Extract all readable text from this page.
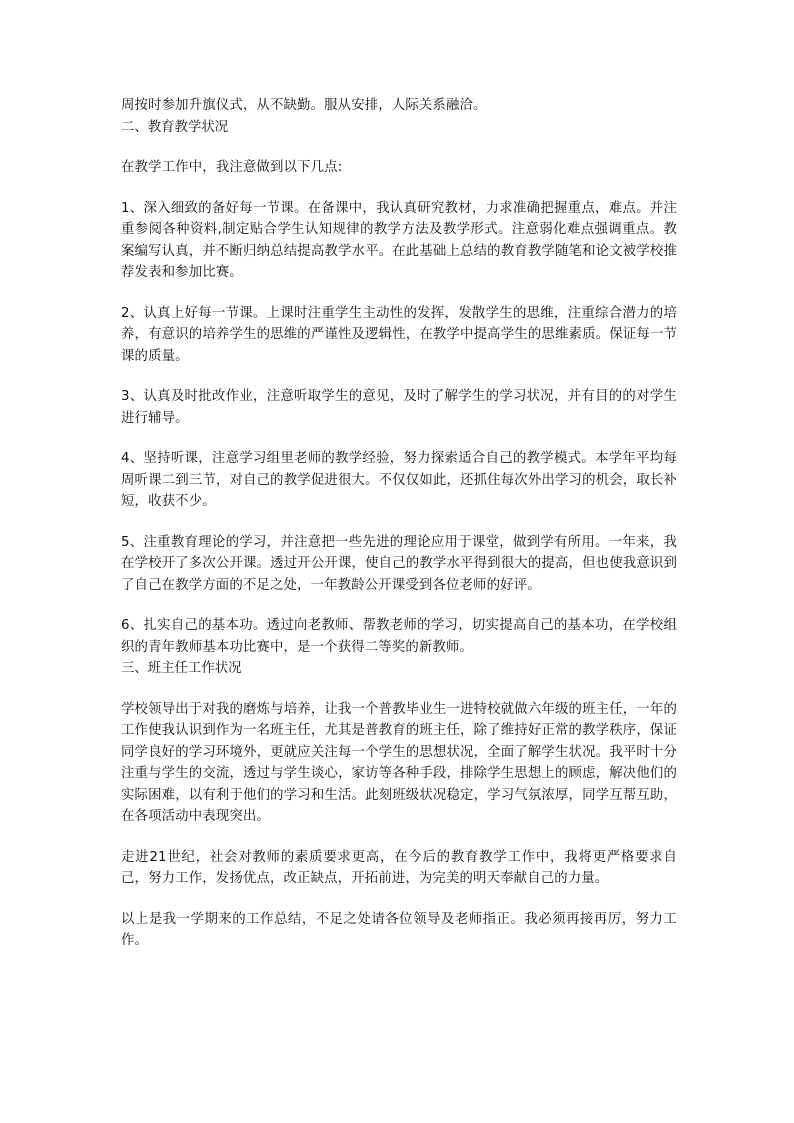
周按时参加升旗仪式，从不缺勤。服从安排，人际关系融洽。

二、教育教学状况

在教学工作中，我注意做到以下几点:

1、深入细致的备好每一节课。在备课中，我认真研究教材，力求准确把握重点，难点。并注重参阅各种资料,制定贴合学生认知规律的教学方法及教学形式。注意弱化难点强调重点。教案编写认真，并不断归纳总结提高教学水平。在此基础上总结的教育教学随笔和论文被学校推荐发表和参加比赛。

2、认真上好每一节课。上课时注重学生主动性的发挥，发散学生的思维，注重综合潜力的培养，有意识的培养学生的思维的严谨性及逻辑性，在教学中提高学生的思维素质。保证每一节课的质量。

3、认真及时批改作业，注意听取学生的意见，及时了解学生的学习状况，并有目的的对学生进行辅导。

4、坚持听课，注意学习组里老师的教学经验，努力探索适合自己的教学模式。本学年平均每周听课二到三节，对自己的教学促进很大。不仅仅如此，还抓住每次外出学习的机会，取长补短，收获不少。

5、注重教育理论的学习，并注意把一些先进的理论应用于课堂，做到学有所用。一年来，我在学校开了多次公开课。透过开公开课，使自己的教学水平得到很大的提高，但也使我意识到了自己在教学方面的不足之处，一年教龄公开课受到各位老师的好评。

6、扎实自己的基本功。透过向老教师、帮教老师的学习，切实提高自己的基本功，在学校组织的青年教师基本功比赛中，是一个获得二等奖的新教师。

三、班主任工作状况

学校领导出于对我的磨炼与培养，让我一个普教毕业生一进特校就做六年级的班主任，一年的工作使我认识到作为一名班主任，尤其是普教育的班主任，除了维持好正常的教学秩序，保证同学良好的学习环境外，更就应关注每一个学生的思想状况，全面了解学生状况。我平时十分注重与学生的交流，透过与学生谈心，家访等各种手段，排除学生思想上的顾虑，解决他们的实际困难，以有利于他们的学习和生活。此刻班级状况稳定，学习气氛浓厚，同学互帮互助，在各项活动中表现突出。

走进21世纪，社会对教师的素质要求更高，在今后的教育教学工作中，我将更严格要求自己，努力工作，发扬优点，改正缺点，开拓前进，为完美的明天奉献自己的力量。

以上是我一学期来的工作总结，不足之处请各位领导及老师指正。我必须再接再厉，努力工作。
